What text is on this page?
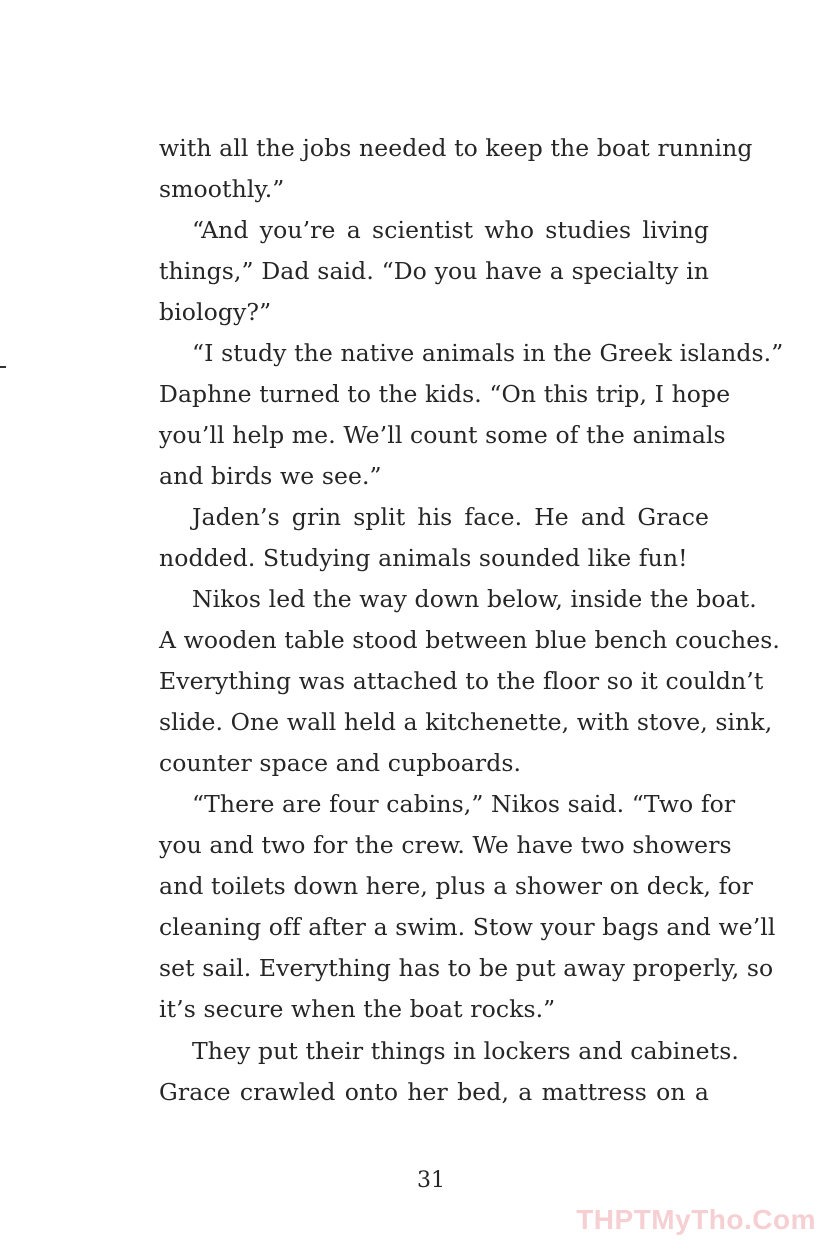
with all the jobs needed to keep the boat running
smoothly.”
“And you’re a scientist who studies living
things,” Dad said. “Do you have a specialty in
biology?”
“I study the native animals in the Greek islands.”
Daphne turned to the kids. “On this trip, I hope
you’ll help me. We’ll count some of the animals
and birds we see.”
Jaden’s grin split his face. He and Grace
nodded. Studying animals sounded like fun!
Nikos led the way down below, inside the boat.
A wooden table stood between blue bench couches.
Everything was attached to the floor so it couldn’t
slide. One wall held a kitchenette, with stove, sink,
counter space and cupboards.
“There are four cabins,” Nikos said. “Two for
you and two for the crew. We have two showers
and toilets down here, plus a shower on deck, for
cleaning off after a swim. Stow your bags and we’ll
set sail. Everything has to be put away properly, so
it’s secure when the boat rocks.”
They put their things in lockers and cabinets.
Grace crawled onto her bed, a mattress on a
31
THPTMyTho.Com
